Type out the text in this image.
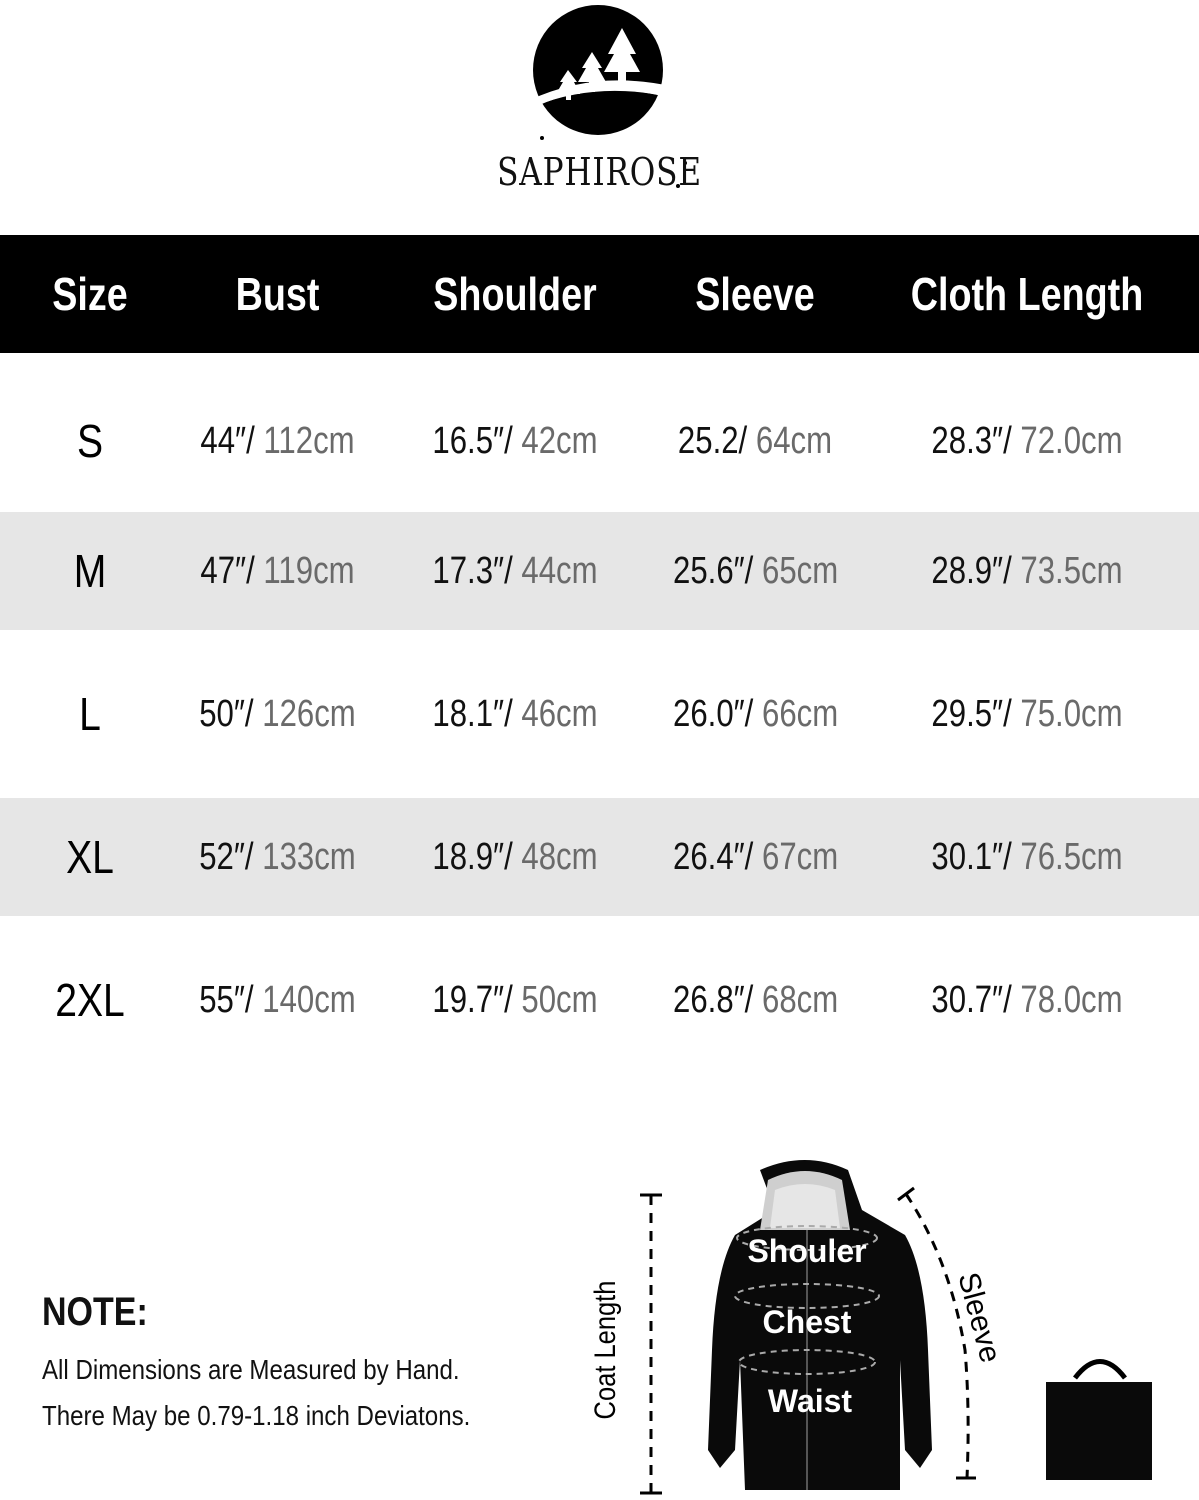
SAPHIROSE
Size	Bust	Shoulder	Sleeve	Cloth Length
S	44″/ 112cm	16.5″/ 42cm	25.2/ 64cm	28.3″/ 72.0cm
M	47″/ 119cm	17.3″/ 44cm	25.6″/ 65cm	28.9″/ 73.5cm
L	50″/ 126cm	18.1″/ 46cm	26.0″/ 66cm	29.5″/ 75.0cm
XL	52″/ 133cm	18.9″/ 48cm	26.4″/ 67cm	30.1″/ 76.5cm
2XL	55″/ 140cm	19.7″/ 50cm	26.8″/ 68cm	30.7″/ 78.0cm
NOTE:
All Dimensions are Measured by Hand.
There May be 0.79-1.18 inch Deviatons.	Coat Length
Shouler
Chest
Waist
Sleeve
